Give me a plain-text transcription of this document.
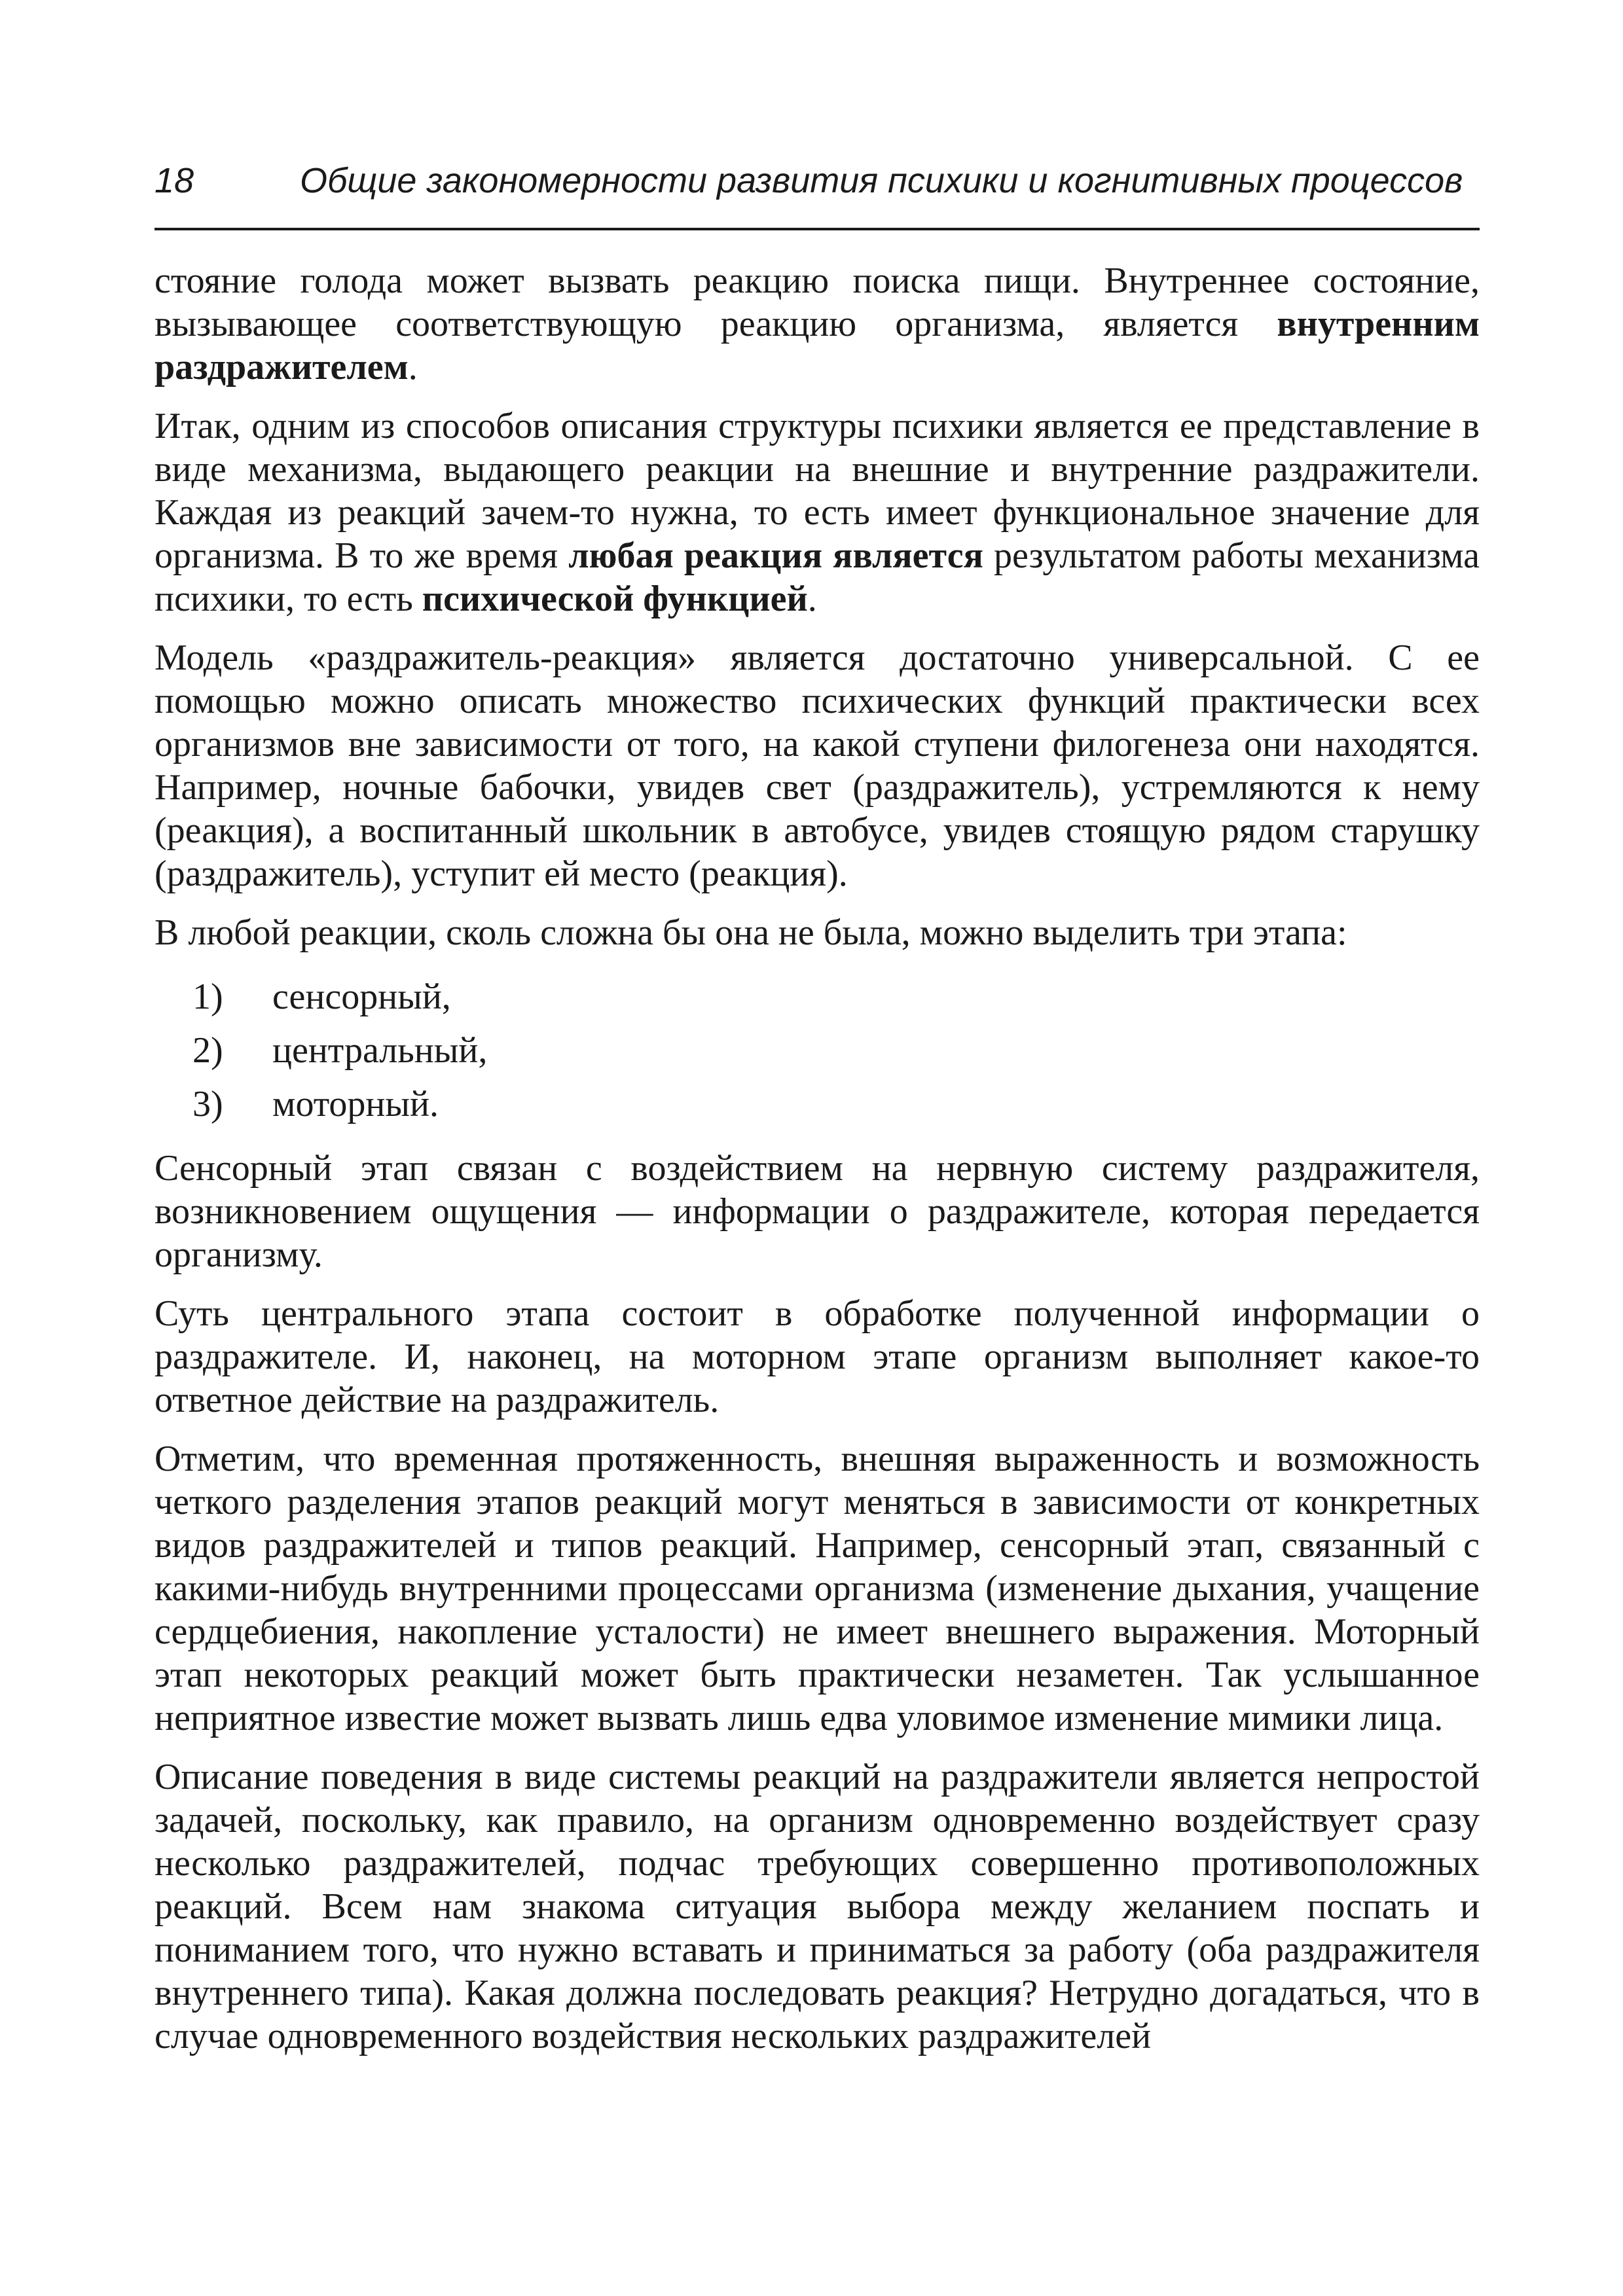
18	Общие закономерности развития психики и когнитивных процессов

стояние голода может вызвать реакцию поиска пищи. Внутреннее состояние, вызывающее соответствующую реакцию организма, является внутренним раздражителем.

Итак, одним из способов описания структуры психики является ее представление в виде механизма, выдающего реакции на внешние и внутренние раздражители. Каждая из реакций зачем-то нужна, то есть имеет функциональное значение для организма. В то же время любая реакция является результатом работы механизма психики, то есть психической функцией.

Модель «раздражитель-реакция» является достаточно универсальной. С ее помощью можно описать множество психических функций практически всех организмов вне зависимости от того, на какой ступени филогенеза они находятся. Например, ночные бабочки, увидев свет (раздражитель), устремляются к нему (реакция), а воспитанный школьник в автобусе, увидев стоящую рядом старушку (раздражитель), уступит ей место (реакция).

В любой реакции, сколь сложна бы она не была, можно выделить три этапа:

1) сенсорный,
2) центральный,
3) моторный.

Сенсорный этап связан с воздействием на нервную систему раздражителя, возникновением ощущения — информации о раздражителе, которая передается организму.

Суть центрального этапа состоит в обработке полученной информации о раздражителе. И, наконец, на моторном этапе организм выполняет какое-то ответное действие на раздражитель.

Отметим, что временная протяженность, внешняя выраженность и возможность четкого разделения этапов реакций могут меняться в зависимости от конкретных видов раздражителей и типов реакций. Например, сенсорный этап, связанный с какими-нибудь внутренними процессами организма (изменение дыхания, учащение сердцебиения, накопление усталости) не имеет внешнего выражения. Моторный этап некоторых реакций может быть практически незаметен. Так услышанное неприятное известие может вызвать лишь едва уловимое изменение мимики лица.

Описание поведения в виде системы реакций на раздражители является непростой задачей, поскольку, как правило, на организм одновременно воздействует сразу несколько раздражителей, подчас требующих совершенно противоположных реакций. Всем нам знакома ситуация выбора между желанием поспать и пониманием того, что нужно вставать и приниматься за работу (оба раздражителя внутреннего типа). Какая должна последовать реакция? Нетрудно догадаться, что в случае одновременного воздействия нескольких раздражителей
